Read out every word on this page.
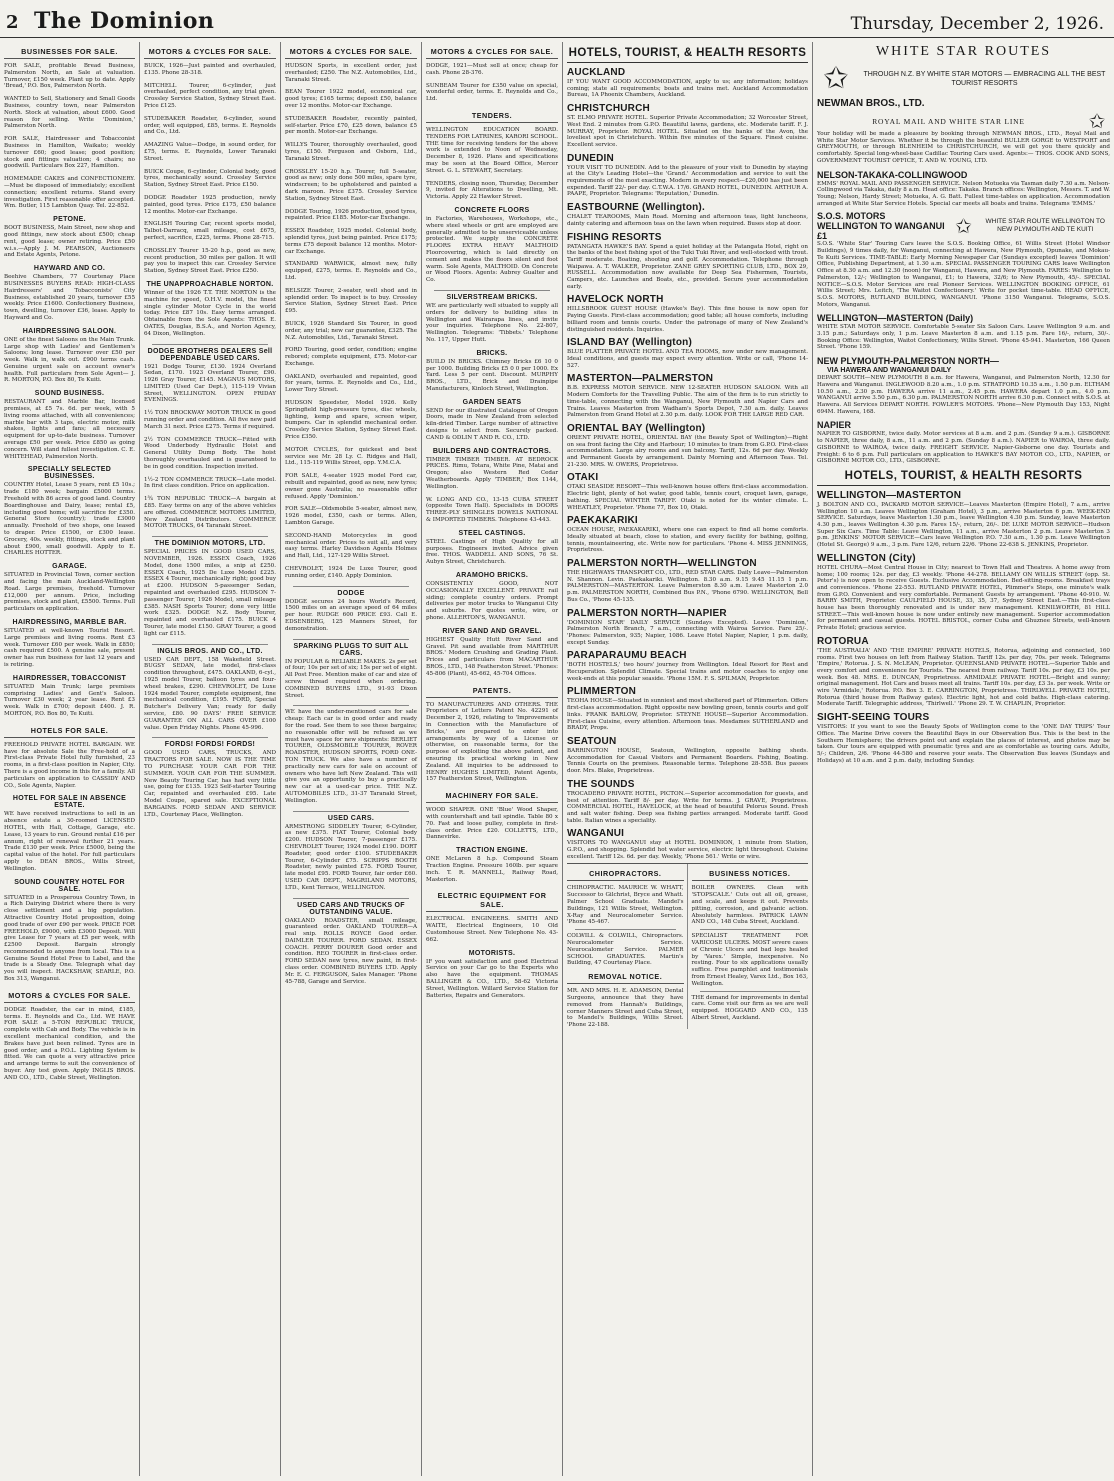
2 The Dominion	Thursday, December 2, 1926.
BUSINESSES FOR SALE.

FOR SALE, profitable Bread Business, Palmerston North, an Sale at valuation. Turnover, £150 week. Plant up to date. Apply 'Bread,' P.O. Box, Palmerston North.

WANTED to Sell, Stationery and Small Goods Business, country town, near Palmerston North. Stock at valuation, about £600. Good reason for selling. Write 'Dominion,' Palmerston North.

FOR SALE, Hairdresser and Tobacconist Business in Hamilton, Waikato; weekly turnover £60; good lease; good position; stock and fittings valuation; 4 chairs; no goodwill. Particulars Box 227, Hamilton.

HOMEMADE CAKES and CONFECTIONERY.—Must be disposed of immediately; excellent connection; excellent returns. Stand every investigation. First reasonable offer accepted. Wm. Butler, 115 Lambton Quay. Tel. 22-852.

PETONE.

BOOT BUSINESS, Main Street, new shop and good fittings, new stock about £500; cheap rent, good lease; owner retiring. Price £50 w.i.s.—Apply J. M. PEARSON, Auctioneers and Estate Agents, Petone.

HAYWARD AND CO.

Beehive Chambers, 77 Courtenay Place BUSINESSES BUYERS READ: HIGH-CLASS Hairdressers' and Tobacconists' City Business, established 20 years, turnover £55 weekly. Price £1600. Confectionery Business, town, dwelling, turnover £36, lease. Apply to Hayward and Co.

HAIRDRESSING SALOON.

ONE of the finest Saloons on the Main Trunk. Large shop with Ladies' and Gentlemen's Saloons; long lease. Turnover over £50 per week. Walk in, walk out. £900 terms cash. Genuine urgent sale on account owner's health. Full particulars from Sole Agent— J. R. MORTON, P.O. Box 80, Te Kuiti.

SOUND BUSINESS.

RESTAURANT and Marble Bar, licensed premises, at £5 7s. 6d. per week, with 5 living rooms attached, with all conveniences; marble bar with 3 taps, electric motor, milk shakes, lights and fans; all necessary equipment for up-to-date business. Turnover average £50 per week. Price £850 as going concern. Will stand fullest investigation. C. E. WHITEHEAD, Palmerston North.

SPECIALLY SELECTED BUSINESSES.

COUNTRY Hotel, Lease 5 years, rent £5 10s.; trade £180 week; bargain £5000 terms. Freehold with 86 acres of good land. Country Boardinghouse and Dairy, lease; rental £5, including good home; will sacrifice for £350. General Store (country); trade £3000 annually. Freehold of two shops, one leased to draper. Price £1500, or £300 lease. Grocery, 40s. weekly, fittings, stock and plant about £900, small goodwill. Apply to E. CHARLES HOTTER.

GARAGE.

SITUATED in Provincial Town, corner section and facing the main Auckland-Wellington Road. Large premises, freehold. Turnover £12,000 per annum. Price, including premises, stock and plant, £5500. Terms. Full particulars on application.

HAIRDRESSING, MARBLE BAR.

SITUATED at well-known Tourist Resort. Large premises and living rooms. Rent £3 week. Turnover £60 per week. Walk in £850; cash required £500. A genuine sale, present owner has run business for last 12 years and is retiring.

HAIRDRESSER, TOBACCONIST

SITUATED Main Trunk; large premises comprising Ladies' and Gent's Saloon. Turnover £30 week; 2 year lease. Rent £3 week. Walk in £700; deposit £400. J. R. MORTON, P.O. Box 80, Te Kuiti.

HOTELS FOR SALE.

FREEHOLD PRIVATE HOTEL BARGAIN. WE have for absolute Sale the Free-hold of a First-class Private Hotel fully furnished, 23 rooms, in a first-class position in Napier, City. There is a good income in this for a family. All particulars on application to CASSIDY AND CO., Sole Agents, Napier.

HOTEL FOR SALE IN ABSENCE ESTATE.

WE have received instructions to sell in an absence estate a 30-roomed LICENSED HOTEL, with Hall, Cottage, Garage, etc. Lease, 13 years to run. Ground rental £16 per annum, right of renewal further 21 years. Trade £130 per week. Price £5000, being the capital value of the hotel. For full particulars apply to DEAN BROS., Willis Street, Wellington.

SOUND COUNTRY HOTEL FOR SALE.

SITUATED in a Prosperous Country Town, in a Rich Dairying District where there is very close settlement and a big population. Attractive Country Hotel proposition, doing good trade of over £90 per week. PRICE FOR FREEHOLD, £9000, with £3000 Deposit. Will give Lease for 7 years at £5 per week, with £2500 Deposit. Bargain strongly recommended to anyone from local. This is a Genuine Sound Hotel Free to Label, and the trade is a Steady One. Telegraph what day you will inspect. HACKSHAW, SEARLE, P.O. Box 313, Wanganui.

MOTORS & CYCLES FOR SALE.

DODGE Roadster, the car in mind, £185, terms. E. Reynolds and Co., Ltd. WE HAVE FOR SALE a 5-TON REPUBLIC TRUCK, complete with Cab and Body. The vehicle is in excellent mechanical condition, and the Brakes have just been relined. Tyres are in good order, and a P.O.L. Lighting System is fitted. We can quote a very attractive price and arrange terms to suit the convenience of buyer. Any test given. Apply INGLIS BROS. AND CO., LTD., Cable Street, Wellington.

MOTORS & CYCLES FOR SALE.

BUICK, 1926—Just painted and overhauled, £135. Phone 28-318.

MITCHELL Tourer, 6-cylinder, just overhauled, perfect condition, any trial given. Crossley Service Station, Sydney Street East. Price £125.

STUDEBAKER Roadster, 6-cylinder, sound order, well equipped, £85, terms. E. Reynolds and Co., Ltd.

AMAZING Value—Dodge, in sound order, for £75, terms. E. Reynolds, Lower Taranaki Street.

BUICK Coupe, 6-cylinder, Colonial body, good tyres, mechanically sound. Crossley Service Station, Sydney Street East. Price £150.

DODGE Roadster 1925 production, newly painted, good tyres. Price £175, £50 balance 12 months. Motor-car Exchange.

ENGLISH Touring Car, recent sports model, Talbot-Darracq, small mileage, cost £675, perfect, sacrifice, £225, terms. Phone 28-715.

CROSSLEY Tourer 15-20 h.p., good as new, recent production, 30 miles per gallon. It will pay you to inspect this car. Crossley Service Station, Sydney Street East. Price £250.

THE UNAPPROACHABLE NORTON.

Winner of the 1926 T.T. THE NORTON is the machine for speed, O.H.V. model, the finest single cylinder Motor Cycle in the world today. Price £87 10s. Easy terms arranged. Obtainable from the Sole Agents: THOS. E. OATES, Douglas, B.S.A., and Norton Agency, 64 Dixon, Wellington.

DODGE BROTHERS DEALERS Sell DEPENDABLE USED CARS.

1921 Dodge Tourer, £130. 1924 Overland Sedan, £170. 1923 Overland Tourer, £90. 1926 Gray Tourer, £145. MAGNUS MOTORS, LIMITED (Used Car Dept.), 115-119 Vivian Street, WELLINGTON. OPEN FRIDAY EVENINGS.

1½ TON BROCKWAY MOTOR TRUCK in good running order and condition. All five new paid March 31 next. Price £275. Terms if required.

2½ TON COMMERCE TRUCK—Fitted with Wood Underbody Hydraulic Hoist and General Utility Dump Body. The hoist thoroughly overhauled and is guaranteed to be in good condition. Inspection invited.

1½-2 TON COMMERCE TRUCK—Late model. In first class condition. Price on application.

1¾ TON REPUBLIC TRUCK—A bargain at £85. Easy terms on any of the above vehicles are offered. COMMERCE MOTORS LIMITED, New Zealand Distributors. COMMERCE MOTOR TRUCKS, 64 Taranaki Street.

THE DOMINION MOTORS, LTD.

SPECIAL PRICES IN GOOD USED CARS, NOVEMBER, 1926. ESSEX Coach, 1926 Model, done 1500 miles, a snip at £250. ESSEX Coach, 1925 De Luxe Model £225. ESSEX 4 Tourer, mechanically right; good buy at £200. HUDSON 5-passenger Sedan, repainted and overhauled £295. HUDSON 7-passenger Tourer, 1926 Model, small mileage £385. NASH Sports Tourer; done very little work £325. DODGE N.Z. Body Tourer, repainted and overhauled £175. BUICK 4 Tourer, late model £150. GRAY Tourer, a good light car £115.

INGLIS BROS. AND CO., LTD.

USED CAR DEPT., 158 Wakefield Street. BUGSY SEDAN, late model, first-class condition throughout, £475. OAKLAND, 6-cyl., 1925 model Tourer, balloon tyres and four-wheel brakes, £290. CHEVROLET, De Luxe 1924 model Tourer, complete equipment, fine mechanical condition, £195. FORD, Special Butcher's Delivery Van; ready for daily service, £80. 90 DAYS' FREE SERVICE GUARANTEE ON ALL CARS OVER £100 value. Open Friday Nights. Phone 45-996.

FORDS! FORDS! FORDS!

GOOD USED CARS, TRUCKS, AND TRACTORS FOR SALE. NOW IS THE TIME TO PURCHASE YOUR CAR FOR THE SUMMER. YOUR CAR FOR THE SUMMER. New Beauty Touring Car, has had very little use, going for £135. 1923 Self-starter Touring Car, repainted and overhauled £95. Late Model Coupe, spared sale. EXCEPTIONAL BARGAINS. FORD SEDAN AND SERVICE LTD., Courtenay Place, Wellington.

MOTORS & CYCLES FOR SALE.

HUDSON Sports, in excellent order, just overhauled; £250. The N.Z. Automobiles, Ltd., Taranaki Street.

BEAN Tourer 1922 model, economical car, good tyres; £165 terms; deposit £50, balance over 12 months. Motor-car Exchange.

STUDEBAKER Roadster, recently painted, self-starter. Price £70, £25 down, balance £5 per month. Motor-car Exchange.

WILLYS Tourer, thoroughly overhauled, good tyres, £150. Ferguson and Osborn, Ltd., Taranaki Street.

CROSSLEY 15-20 h.p. Tourer, full 5-seater, good as new; only done 500 miles, spare tyre, windscreen; to be upholstered and painted a dark maroon. Price £375. Crossley Service Station, Sydney Street East.

DODGE Touring, 1926 production, good tyres, repainted. Price £185. Motor-car Exchange.

ESSEX Roadster, 1925 model. Colonial body, splendid tyres, just being painted. Price £175; terms £75 deposit balance 12 months. Motor-car Exchange.

STANDARD WARWICK, almost new, fully equipped, £275, terms. E. Reynolds and Co., Ltd.

BELSIZE Tourer, 2-seater, well shod and in splendid order. To inspect is to buy. Crossley Service Station, Sydney Street East. Price £95.

BUICK, 1926 Standard Six Tourer, in good order, any trial; new car guarantee, £325. The N.Z. Automobiles, Ltd., Taranaki Street.

FORD Touring, good order, condition; engine rebored; complete equipment, £75. Motor-car Exchange.

OAKLAND, overhauled and repainted, good for years, terms. E. Reynolds and Co., Ltd., Lower Tory Street.

HUDSON Speedster, Model 1926. Kelly Springfield high-pressure tyres, disc wheels, lighting, kemp and spare, screen wiper, bumpers. Car in splendid mechanical order. Crossley Service Station, Sydney Street East. Price £350.

MOTOR CYCLES, for quickest and best service see Mr. 28 Ly. C. Ridges and Hall, Ltd., 115-119 Willis Street, opp. Y.M.C.A.

FOR SALE, 4-seater 1925 model Ford car, rebuilt and repainted, good as new, new tyres; owner gone Australia; no reasonable offer refused. Apply 'Dominion.'

FOR SALE—Oldsmobile 5-seater, almost new, 1926 model, £350, cash or terms. Allen, Lambton Garage.

SECOND-HAND Motorcycles in good mechanical order. Prices to suit all, and very easy terms. Harley Davidson Agents Holmes and Hall, Ltd., 127-129 Willis Street.

CHEVROLET, 1924 De Luxe Tourer, good running order, £140. Apply Dominion.

DODGE

DODGE secures 24 hours World's Record, 1500 miles on an average speed of 64 miles per hour. RUDGE 600 PRICE £93. Call E. EDSENBERG, 125 Manners Street, for demonstration.

SPARKING PLUGS TO SUIT ALL CARS.

IN POPULAR & RELIABLE MAKES. 2s per set of four; 10s per set of six; 15s per set of eight. All Post Free. Mention make of car and size of screw thread required when ordering. COMBINED BUYERS LTD., 91-93 Dixon Street.

WE have the under-mentioned cars for sale cheap: Each car is in good order and ready for the road. See them to see these bargains; no reasonable offer will be refused as we must have space for new shipments: BERLIET TOURER, OLDSMOBILE TOURER, ROVER ROADSTER, HUDSON SPORTS, FORD ONE-TON TRUCK. We also have a number of practically new cars for sale on account of owners who have left New Zealand. This will give you an opportunity to buy a practically new car at a used-car price. THE N.Z. AUTOMOBILES LTD., 31-37 Taranaki Street, Wellington.

USED CARS.

ARMSTRONG SIDDELEY Tourer, 6-Cylinder, as new £375. FIAT Tourer, Colonial body £200. HUDSON Tourer, 7-passenger £175. CHEVROLET Tourer, 1924 model £190. DORT Roadster, good order £100. STUDEBAKER Tourer, 6-Cylinder £75. SCRIPPS BOOTH Roadster, newly painted £75. FORD Tourer, late model £95. FORD Tourer, fair order £60. USED CAR DEPT., MAGRILAND MOTORS, LTD., Kent Terrace, WELLINGTON.

USED CARS AND TRUCKS OF OUTSTANDING VALUE.

OAKLAND ROADSTER, small mileage, guaranteed order. OAKLAND TOURER—A real snip. ROLLS ROYCE Good order. DAIMLER TOURER. FORD SEDAN. ESSEX COACH. PERRY DOURER Good order and condition. REO TOURER in first-class order. FORD SEDAN new tyres, new paint, in first-class order. COMBINED BUYERS LTD. Apply Mr. E. C. FERGUSON, Sales Manager. 'Phone 45-788, Garage and Service.

MOTORS & CYCLES FOR SALE.

DODGE, 1921—Must sell at once; cheap for cash. Phone 28-376.

SUNBEAM Tourer for £350 value on special, wonderful order, terms. E. Reynolds and Co., Ltd.

TENDERS.

WELLINGTON EDUCATION BOARD. TENDERS FOR LATRINES, KARORI SCHOOL. THE time for receiving tenders for the above work is extended to Noon of Wednesday, December 8, 1926. Plans and specifications may be seen at the Board Office, Mercer Street. G. L. STEWART, Secretary.

TENDERS, closing noon, Thursday, December 9, invited for Alterations to Dwelling, Mt. Victoria. Apply 22 Hawker Street.

CONCRETE FLOORS

in Factories, Warehouses, Workshops, etc., where steel wheels or grit are employed are generally admitted to be unserviceable unless protected. We supply the CONCRETE FLOORS EXTRA HEAVY MALTHOID Floorcovering, which is laid directly on cement and makes the floors silent and foot warm. Sole Agents, MALTHOID. On Concrete or Wood Floors. Agents: Aubrey Gualter and Co.

SILVERSTREAM BRICKS.

WE are particularly well situated to supply all orders for delivery to building sites in Wellington and Wairarapa lines, and invite your inquiries. Telephone No. 22-807, Wellington. Telegrams: 'Tibbets.' Telephone No. 117, Upper Hutt.

BRICKS.

BUILD IN BRICKS. Chimney Bricks £6 10 0 per 1000. Building Bricks £5 0 0 per 1000. Ex Yard. Less 5 per cent. Discount. MURPHY BROS., LTD., Brick and Drainpipe Manufacturers, Kinloch Street, Wellington.

GARDEN SEATS

SEND for our illustrated Catalogue of Oregon Doors, made in New Zealand from selected kiln-dried Timber. Large number of attractive designs to select from. Securely packed. CAND & ODLIN T AND R. CO., LTD.

BUILDERS AND CONTRACTORS.

TIMBER TIMBER TIMBER. AT BEDROCK PRICES. Rimu, Totara, White Pine, Matai and Oregon; also Western Red Cedar Weatherboards. Apply 'TIMBER,' Box 1144, Wellington.

W. LONG AND CO., 13-15 CUBA STREET (opposite Town Hall). Specialists in DOORS THREE-PLY SHINGLES DOWELS NATIONAL & IMPORTED TIMBERS. Telephone 43-443.

STEEL CASTINGS.

STEEL Castings of High Quality for all purposes. Engineers invited. Advice given free. THOS. WADDELL AND SONS, 76 St. Aubyn Street, Christchurch.

ARAMOHO BRICKS.

CONSISTENTLY GOOD, NOT OCCASIONALLY EXCELLENT. PRIVATE rail siding; complete country orders. Prompt deliveries per motor trucks to Wanganui City and suburbs. For quotes write, wire, or phone. ALLERTON'S, WANGANUI.

RIVER SAND AND GRAVEL.

HIGHEST Quality Hutt River Sand and Gravel. Pit sand available from MARTHUR BROS.' Modern Crushing and Grading Plant. Prices and particulars from MACARTHUR BROS., LTD., 148 Featherston Street. 'Phones: 45-806 (Plant), 45-662, 45-704 Offices.

PATENTS.

TO MANUFACTURERS AND OTHERS. THE Proprietors of Letters Patent No. 42291 of December 2, 1926, relating to 'Improvements in Connection with the Manufacture of Bricks,' are prepared to enter into arrangements by way of a License or otherwise, on reasonable terms, for the purpose of exploiting the above patent, and ensuring its practical working in New Zealand. All inquiries to be addressed to HENRY HUGHES LIMITED, Patent Agents, 157 Featherston Street, Wellington.

MACHINERY FOR SALE.

WOOD SHAPER. ONE 'Blue' Wood Shaper, with countershaft and tail spindle. Table 80 x 70. Fast and loose pulley, complete in first-class order. Price £20. COLLETTS, LTD., Dannevirke.

TRACTION ENGINE.

ONE McLaren 8 h.p. Compound Steam Traction Engine. Pressure 160lb. per square inch. T. R. MANNELL, Railway Road, Masterton.

ELECTRIC EQUIPMENT FOR SALE.

ELECTRICAL ENGINEERS. SMITH AND WAITE, Electrical Engineers, 10 Old Customhouse Street. New Telephone No. 43-662.

MOTORISTS.

IF you want satisfaction and good Electrical Service on your Car go to the Experts who also have the equipment. THOMAS BALLINGER & CO., LTD., 58-62 Victoria Street, Wellington. Willard Service Station for Batteries, Repairs and Generators.

HOTELS, TOURIST, & HEALTH RESORTS
AUCKLAND

IF YOU WANT GOOD ACCOMMODATION, apply to us; any information; holidays coming; state all requirements; boats and trains met. Auckland Accommodation Bureau, 1A Phoenix Chambers, Auckland.

CHRISTCHURCH

ST. ELMO PRIVATE HOTEL. Superior Private Accommodation; 32 Worcester Street, West End. 2 minutes from G.P.O. Beautiful lawns, gardens, etc. Moderate tariff. F. J. MURRAY, Proprietor. ROYAL HOTEL. Situated on the banks of the Avon, the loveliest spot in Christchurch. Within five minutes of the Square. Finest cuisine. Excellent service.

DUNEDIN

YOUR VISIT TO DUNEDIN. Add to the pleasure of your visit to Dunedin by staying at the City's Leading Hotel—the 'Grand.' Accommodation and service to suit the requirements of the most exacting. Modern in every respect—£20,000 has just been expended. Tariff 22/- per day. C.T.W.A. 17/6. GRAND HOTEL, DUNEDIN. ARTHUR A. PAAPE, Proprietor. Telegrams: 'Reputation,' Dunedin.

EASTBOURNE (Wellington).

CHALET TEAROOMS, Main Road. Morning and afternoon teas, light luncheons, dainty catering and afternoon teas on the lawn when required. Buses stop at door.

FISHING RESORTS

PATANGATA HAWKE'S BAY. Spend a quiet holiday at the Patangata Hotel, right on the banks of the best fishing spot of the Tuki Tuki River, and well-stocked with trout. Tariff moderate. Boating, shooting and golf. Accommodation. Telephone through Waipawa. A. T. WALKER, Proprietor. ZANE GREY SPORTING CLUB, LTD., BOX 29, RUSSELL. Accommodation now available for Deep Sea Fishermen, Tourists, Campers, etc. Launches and Boats, etc., provided. Secure your accommodation early.

HAVELOCK NORTH

HILLSBROOK GUEST HOUSE (Hawke's Bay). This fine house is now open for Paying Guests. First-class accommodation; good table; all house comforts, including billiard room and tennis courts. Under the patronage of many of New Zealand's distinguished residents. Inquiries.

ISLAND BAY (Wellington)

BLUE PLATTER PRIVATE HOTEL AND TEA ROOMS, now under new management. Ideal conditions, and guests may expect every attention. Write or call, 'Phone 14-527.

MASTERTON—PALMERSTON

B.B. EXPRESS MOTOR SERVICE. NEW 12-SEATER HUDSON SALOON. With all Modern Comforts for the Travelling Public. The aim of the firm is to run strictly to time-table, connecting with the Wanganui, New Plymouth and Napier Cars and Trains. Leaves Masterton from Wadham's Sports Depot, 7.30 a.m. daily. Leaves Palmerston from Grand Hotel at 2.30 p.m. daily. LOOK FOR THE LARGE RED CAR.

ORIENTAL BAY (Wellington)

ORIENT PRIVATE HOTEL, ORIENTAL BAY (the Beauty Spot of Wellington)—Right on sea front facing the City and Harbour; 10 minutes to tram from G.P.O. First-class accommodation. Large airy rooms and sun balcony. Tariff, 12s. 6d per day. Weekly and Permanent Guests by arrangement. Dainty Morning and Afternoon Teas. Tel. 21-230. MRS. W. OWERS, Proprietress.

OTAKI

OTAKI SEASIDE RESORT—This well-known house offers first-class accommodation. Electric light, plenty of hot water, good table, tennis court, croquet lawn, garage, bathing. SPECIAL WINTER TARIFF. Otaki is noted for its winter climate. L. WHEATLEY, Proprietor. 'Phone 77, Box 10, Otaki.

PAEKAKARIKI

OCEAN HOUSE, PAEKAKARIKI, where one can expect to find all home comforts. Ideally situated at beach, close to station, and every facility for bathing, golfing, tennis, mountaineering, etc. Write now for particulars. 'Phone 4. MISS JENNINGS, Proprietress.

PALMERSTON NORTH—WELLINGTON

THE HIGHWAYS TRANSPORT CO., LTD., RED STAR CARS. Daily Leave—Palmerston N. Shannon. Levin. Paekakariki. Wellington. 8.30 a.m. 9.15 9.45 11.15 1 p.m. PALMERSTON—MASTERTON. Leave Palmerston 8.30 a.m. Leave Masterton 2.0 p.m. PALMERSTON NORTH, Combined Bus P.N., 'Phone 6790. WELLINGTON, Bell Bus Co., 'Phone 45-135.

PALMERSTON NORTH—NAPIER

'DOMINION STAR' DAILY SERVICE (Sundays Excepted). Leave 'Dominion,' Palmerston North Branch, 7 a.m., connecting with Wairoa Service. Fare 25/-. 'Phones: Palmerston, 935; Napier, 1086. Leave Hotel Napier, Napier, 1 p.m. daily, except Sunday.

PARAPARAUMU BEACH

'BOTH HOSTELS,' two hours' journey from Wellington. Ideal Resort for Rest and Recuperation. Splendid Climate. Special trains and motor coaches to enjoy one week-ends at this popular seaside. 'Phone 15M. F. S. SPILMAN, Proprietor.

PLIMMERTON

TEOHA HOUSE—Situated in sunniest and most sheltered part of Plimmerton. Offers first-class accommodation. Right opposite new bowling green, tennis courts and golf links. FRANK BARLOW, Proprietor. STEYNE HOUSE—Superior Accommodation. First-class Cuisine, every attention. Afternoon teas. Mesdames SUTHERLAND and BRADY, Props.

SEATOUN

BARRINGTON HOUSE, Seatoun, Wellington, opposite bathing sheds. Accommodation for Casual Visitors and Permanent Boarders. Fishing, Boating. Tennis Courts on the premises. Reasonable terms. Telephone 28-558. Bus passes door. Mrs. Blake, Proprietress.

THE SOUNDS

TROCADERO PRIVATE HOTEL, PICTON.—Superior accommodation for guests, and best of attention. Tariff 8/- per day. Write for terms. J. GRAVE, Proprietress. COMMERCIAL HOTEL, HAVELOCK, at the head of beautiful Pelorus Sound. Fresh and salt water fishing. Deep sea fishing parties arranged. Moderate tariff. Good table. Italian wines a speciality.

WANGANUI

VISITORS TO WANGANUI stay at HOTEL DOMINION, 1 minute from Station, G.P.O., and shopping. Splendid hot water service, electric light throughout. Cuisine excellent. Tariff 12s. 6d. per day. Weekly, 'Phone 561.' Write or wire.

CHIROPRACTORS.

CHIROPRACTIC. MAURICE W. WHATT, Successor to Gilchrist, Bryce and Whatt. Palmer School Graduate. Mandel's Buildings, 121 Willis Street, Wellington. X-Ray and Neurocalometer Service. 'Phone 45-467.

COLWILL & COLWILL, Chiropractors. Neurocalometer Service. Neurocalometer Service. PALMER SCHOOL GRADUATES. Martin's Building, 47 Courtenay Place.

REMOVAL NOTICE.

MR. AND MRS. H. E. ADAMSON, Dental Surgeons, announce that they have removed from Hannah's Buildings, corner Manners Street and Cuba Street, to Mandel's Buildings, Willis Street. 'Phone 22-188.

BUSINESS NOTICES.

BOILER OWNERS. Clean with 'STOPSCALE.' Cuts out all oil, grease, and scale, and keeps it out. Prevents pitting, corrosion, and galvanic action. Absolutely harmless. PATRICK LAWN AND CO., 148 Cuba Street, Auckland.

SPECIALIST TREATMENT FOR VARICOSE ULCERS. MOST severe cases of Chronic Ulcers and bad legs healed by 'Varex.' Simple, inexpensive. No resting. Four to six applications usually suffice. Free pamphlet and testimonials from Ernest Healey, Varex Ltd., Box 163, Wellington.

THE demand for improvements in dental care. Come visit our firm as we are well equipped. HOGGARD AND CO., 135 Albert Street, Auckland.

WHITE STAR ROUTES
✩	THROUGH N.Z. BY WHITE STAR MOTORS — EMBRACING ALL THE BEST TOURIST RESORTS
NEWMAN BROS., LTD.
ROYAL MAIL AND WHITE STAR LINE	✩

Your holiday will be made a pleasure by booking through NEWMAN BROS., LTD., Royal Mail and White Star Motor Services. Whether it be through the beautiful BULLER GORGE to WESTPORT and GREYMOUTH, or through BLENHEIM to CHRISTCHURCH, we will get you there quickly and comfortably. Special long-wheel-base Cadillac Touring Cars used. Agents:— THOS. COOK AND SONS, GOVERNMENT TOURIST OFFICE, T. AND W. YOUNG, LTD.

NELSON-TAKAKA-COLLINGWOOD

EMMS' ROYAL MAIL AND PASSENGER SERVICE. Nelson Motueka via Tasman daily 7.30 a.m. Nelson-Collingwood via Takaka, daily 8 a.m. Head office: Takaka. Branch offices: Wellington, Messrs. T. and W. Young; Nelson, Hardy Street; Motueka, A. G. Batt. Fullest time-tables on application. Accommodation arranged at White Star Service Hotels. Special car meets all boats and trains. Telegrams 'EMMS.'

S.O.S. MOTORS WELLINGTON TO WANGANUI £1	✩	WHITE STAR ROUTE WELLINGTON TO NEW PLYMOUTH AND TE KUITI

S.O.S. 'White Star' Touring Cars leave the S.O.S. Booking Office, 61 Willis Street (Hotel Windsor Buildings), 9 times daily, for Wanganui, connecting at Hawera, New Plymouth, Opunake, and Mokau-Te Kuiti Services. TIME-TABLE: Early Morning Newspaper Car (Sundays excepted) leaves 'Dominion' Office, Publishing Department, at 1.30 a.m. SPECIAL PASSENGER TOURING CARS leave Wellington Office at 8.30 a.m. and 12.30 (noon) for Wanganui, Hawera, and New Plymouth. FARES: Wellington to Palmerston, 12/-; Wellington to Wanganui, £1; to Hawera, 32/6; to New Plymouth, 45/-. SPECIAL NOTICE—S.O.S. Motor Services are real Pioneer Services. WELLINGTON BOOKING OFFICE, 61 Willis Street; Mrs. Leitch, 'The Waitot Confectionery.' Write for pocket time-table. HEAD OFFICE, S.O.S. MOTORS, RUTLAND BUILDING, WANGANUI. 'Phone 3150 Wanganui. Telegrams, S.O.S. Motors, Wanganui.

WELLINGTON—MASTERTON (Daily)

WHITE STAR MOTOR SERVICE. Comfortable 5-seater Six Saloon Cars. Leave Wellington 9 a.m. and 3.15 p.m.; Saturdays only, 1 p.m. Leave Masterton 8 a.m. and 1.15 p.m. Fare 16/-, return, 30/-. Booking Office: Wellington, Waitot Confectionery, Willis Street. 'Phone 45-941. Masterton, 166 Queen Street. 'Phone 159.

NEW PLYMOUTH-PALMERSTON NORTH—
VIA HAWERA AND WANGANUI DAILY

DEPART SOUTH—NEW PLYMOUTH 8 a.m. for Hawera, Wanganui, and Palmerston North, 12.30 for Hawera and Wanganui. INGLEWOOD 8.20 a.m., 1.0 p.m. STRATFORD 10.35 a.m., 1.50 p.m. ELTHAM 10.50 a.m., 2.30 p.m. HAWERA arrive 11 a.m., 2.45 p.m. HAWERA depart 1.0 p.m., 4.0 p.m. WANGANUI arrive 3.50 p.m., 6.30 p.m. PALMERSTON NORTH arrive 6.30 p.m. Connect with S.O.S. at Hawera. All Services DEPART NORTH. FOWLER'S MOTORS. 'Phone—New Plymouth Day 153, Night 694M. Hawera, 168.

NAPIER

NAPIER TO GISBORNE, twice daily. Motor services at 8 a.m. and 2 p.m. (Sunday 9 a.m.). GISBORNE to NAPIER, three daily, 8 a.m., 11 a.m. and 2 p.m. (Sunday 8 a.m.). NAPIER to WAIROA, three daily. GISBORNE to WAIROA, twice daily. FREIGHT SERVICE. Napier-Gisborne one day. Tourists and Freight: 6 to 6 p.m. Full particulars on application to HAWKE'S BAY MOTOR CO., LTD., NAPIER, or GISBORNE MOTOR CO., LTD., GISBORNE.

HOTELS, TOURIST, & HEALTH RESORTS
WELLINGTON—MASTERTON

J. BOLTON AND CO., PACKARD MOTOR SERVICE—Leaves Masterton (Empire Hotel), 7 a.m., arrive Wellington 10 a.m. Leaves Wellington (Graham Hotel), 3 p.m., arrive Masterton 6 p.m. WEEK-END SERVICE. Saturdays, leave Masterton 1.30 p.m., leave Wellington 4.30 p.m. Sunday, leave Masterton 4.30 p.m., leaves Wellington 4.30 p.m. Fares 15/-, return, 26/-. DE LUXE MOTOR SERVICE—Hudson Super Six Cars. Time Table: Leave Wellington, 11 a.m., arrive Masterton 2 p.m. Leave Masterton 3 p.m. JENKINS' MOTOR SERVICE—Cars leave Wellington P.O. 7.30 a.m., 1.30 p.m. Leave Wellington (Hotel St. George) 9 a.m., 3 p.m. Fare 12/6, return 22/6. 'Phone 22-638 S. JENKINS, Proprietor.

WELLINGTON (City)

HOTEL CHURA—Most Central House in City; nearest to Town Hall and Theatres. A home away from home; 100 rooms; 12s. per day, £3 weekly. 'Phone 44-278. BELLAMY ON WILLIS STREET (opp. St. Peter's) is now open to receive Guests. Exclusive Accommodation. Bed-sitting-rooms. Breakfast trays and conveniences. 'Phone 22-553. RUTLAND PRIVATE HOTEL, Plimmer's Steps, one minute's walk from G.P.O. Convenient and very comfortable. Permanent Guests by arrangement. 'Phone 40-910. W. BARRY SMITH, Proprietor. CAULFIELD HOUSE, 33, 35, 37, Sydney Street East.—This first-class house has been thoroughly renovated and is under new management. KENILWORTH, 81 HILL STREET.—This well-known house is now under entirely new management. Superior accommodation for permanent and casual guests. HOTEL BRISTOL, corner Cuba and Ghuznee Streets, well-known Private Hotel; gracious service.

ROTORUA

'THE AUSTRALIA' AND 'THE EMPIRE' PRIVATE HOTELS, Rotorua, adjoining and connected, 160 rooms. First two houses on left from Railway Station. Tariff 12s. per day, 70s. per week. Telegrams 'Empire,' Rotorua. J. S. N. McLEAN, Proprietor. QUEENSLAND PRIVATE HOTEL—Superior Table and every comfort and convenience for Tourists. The nearest from railway. Tariff 10s. per day, £3 10s. per week. Box 48. MRS. E. DUNCAN, Proprietress. ARMIDALE PRIVATE HOTEL—Bright and sunny; original management. Hot Cars and buses meet all trains. Tariff 10s. per day, £3 3s. per week. Write or wire 'Armidale,' Rotorua. P.O. Box 3. E. CARRINGTON, Proprietress. THIRLWELL PRIVATE HOTEL, Rotorua (third house from Railway gates). Electric light, hot and cold baths. High-class catering. Moderate Tariff. Telegraphic address, 'Thirlwell.' 'Phone 29. T. W. CHAPLIN, Proprietor.

SIGHT-SEEING TOURS

VISITORS: If you want to see the Beauty Spots of Wellington come to the 'ONE DAY TRIPS' Tour Office. The Marine Drive covers the Beautiful Bays in our Observation Bus. This is the best in the Southern Hemisphere; the drivers point out and explain the places of interest, and photos may be taken. Our tours are equipped with pneumatic tyres and are as comfortable as touring cars. Adults, 5/-; Children, 2/6. 'Phone 44-580 and reserve your seats. The Observation Bus leaves (Sundays and Holidays) at 10 a.m. and 2 p.m. daily, including Sunday.
